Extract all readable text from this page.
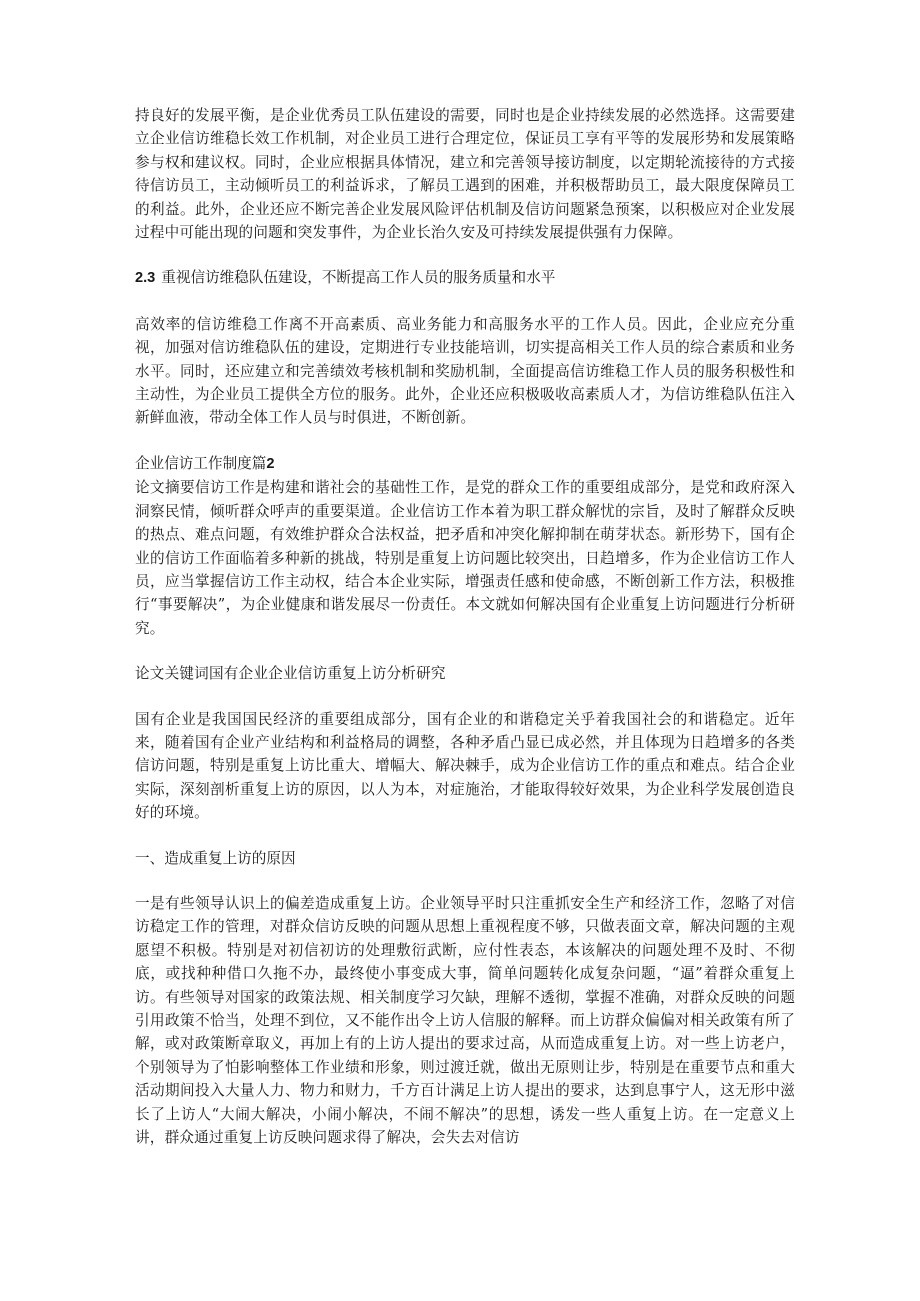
持良好的发展平衡，是企业优秀员工队伍建设的需要，同时也是企业持续发展的必然选择。这需要建立企业信访维稳长效工作机制，对企业员工进行合理定位，保证员工享有平等的发展形势和发展策略参与权和建议权。同时，企业应根据具体情况，建立和完善领导接访制度，以定期轮流接待的方式接待信访员工，主动倾听员工的利益诉求，了解员工遇到的困难，并积极帮助员工，最大限度保障员工的利益。此外，企业还应不断完善企业发展风险评估机制及信访问题紧急预案，以积极应对企业发展过程中可能出现的问题和突发事件，为企业长治久安及可持续发展提供强有力保障。

2.3 重视信访维稳队伍建设，不断提高工作人员的服务质量和水平

高效率的信访维稳工作离不开高素质、高业务能力和高服务水平的工作人员。因此，企业应充分重视，加强对信访维稳队伍的建设，定期进行专业技能培训，切实提高相关工作人员的综合素质和业务水平。同时，还应建立和完善绩效考核机制和奖励机制，全面提高信访维稳工作人员的服务积极性和主动性，为企业员工提供全方位的服务。此外，企业还应积极吸收高素质人才，为信访维稳队伍注入新鲜血液，带动全体工作人员与时俱进，不断创新。

企业信访工作制度篇2

论文摘要信访工作是构建和谐社会的基础性工作，是党的群众工作的重要组成部分，是党和政府深入洞察民情，倾听群众呼声的重要渠道。企业信访工作本着为职工群众解忧的宗旨，及时了解群众反映的热点、难点问题，有效维护群众合法权益，把矛盾和冲突化解抑制在萌芽状态。新形势下，国有企业的信访工作面临着多种新的挑战，特别是重复上访问题比较突出，日趋增多，作为企业信访工作人员，应当掌握信访工作主动权，结合本企业实际，增强责任感和使命感，不断创新工作方法，积极推行“事要解决”，为企业健康和谐发展尽一份责任。本文就如何解决国有企业重复上访问题进行分析研究。

论文关键词国有企业企业信访重复上访分析研究

国有企业是我国国民经济的重要组成部分，国有企业的和谐稳定关乎着我国社会的和谐稳定。近年来，随着国有企业产业结构和利益格局的调整，各种矛盾凸显已成必然，并且体现为日趋增多的各类信访问题，特别是重复上访比重大、增幅大、解决棘手，成为企业信访工作的重点和难点。结合企业实际，深刻剖析重复上访的原因，以人为本，对症施治，才能取得较好效果，为企业科学发展创造良好的环境。

一、造成重复上访的原因

一是有些领导认识上的偏差造成重复上访。企业领导平时只注重抓安全生产和经济工作，忽略了对信访稳定工作的管理，对群众信访反映的问题从思想上重视程度不够，只做表面文章，解决问题的主观愿望不积极。特别是对初信初访的处理敷衍武断，应付性表态，本该解决的问题处理不及时、不彻底，或找种种借口久拖不办，最终使小事变成大事，简单问题转化成复杂问题，“逼”着群众重复上访。有些领导对国家的政策法规、相关制度学习欠缺，理解不透彻，掌握不准确，对群众反映的问题引用政策不恰当，处理不到位，又不能作出令上访人信服的解释。而上访群众偏偏对相关政策有所了解，或对政策断章取义，再加上有的上访人提出的要求过高，从而造成重复上访。对一些上访老户，个别领导为了怕影响整体工作业绩和形象，则过渡迁就，做出无原则让步，特别是在重要节点和重大活动期间投入大量人力、物力和财力，千方百计满足上访人提出的要求，达到息事宁人，这无形中滋长了上访人“大闹大解决，小闹小解决，不闹不解决”的思想，诱发一些人重复上访。在一定意义上讲，群众通过重复上访反映问题求得了解决，会失去对信访
